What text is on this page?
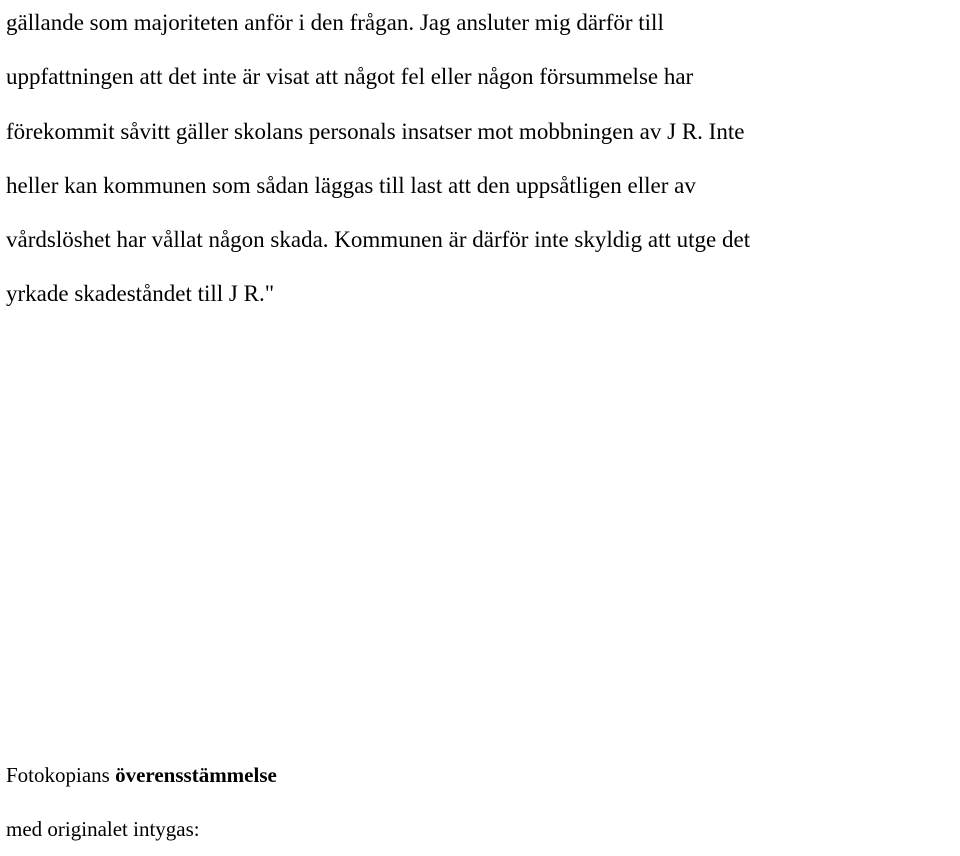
gällande som majoriteten anför i den frågan. Jag ansluter mig därför till
uppfattningen att det inte är visat att något fel eller någon försummelse har
förekommit såvitt gäller skolans personals insatser mot mobbningen av J R. Inte
heller kan kommunen som sådan läggas till last att den uppsåtligen eller av
vårdslöshet har vållat någon skada. Kommunen är därför inte skyldig att utge det
yrkade skadeståndet till J R."

Fotokopians överensstämmelse
med originalet intygas:
